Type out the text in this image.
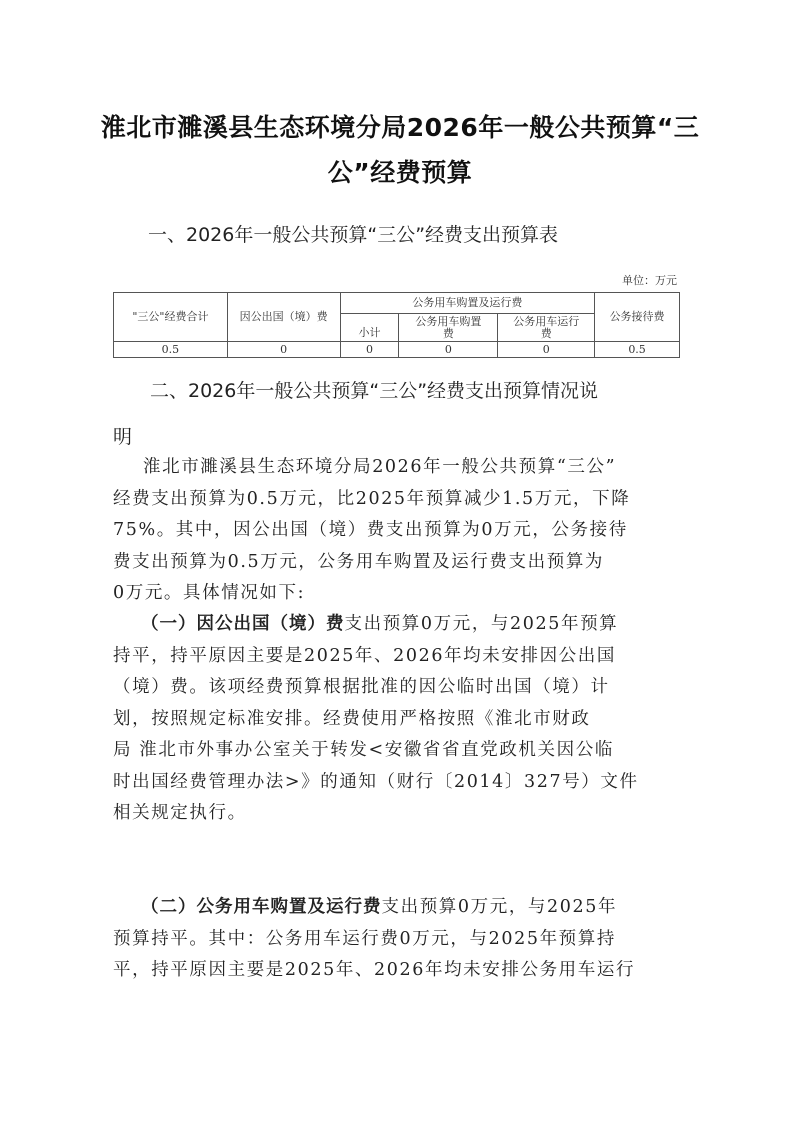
淮北市濉溪县生态环境分局2026年一般公共预算“三
公”经费预算
一、2026年一般公共预算“三公”经费支出预算表
单位：万元
"三公"经费合计	因公出国（境）费	公务用车购置及运行费			公务接待费
		小计	公务用车购置费	公务用车运行费	
0.5	0	0	0	0	0.5
二、2026年一般公共预算“三公”经费支出预算情况说
明
淮北市濉溪县生态环境分局2026年一般公共预算“三公”
经费支出预算为0.5万元，比2025年预算减少1.5万元，下降
75%。其中，因公出国（境）费支出预算为0万元，公务接待
费支出预算为0.5万元，公务用车购置及运行费支出预算为
0万元。具体情况如下:
（一）因公出国（境）费支出预算0万元，与2025年预算
持平，持平原因主要是2025年、2026年均未安排因公出国
（境）费。该项经费预算根据批准的因公临时出国（境）计
划，按照规定标准安排。经费使用严格按照《淮北市财政
局 淮北市外事办公室关于转发<安徽省省直党政机关因公临
时出国经费管理办法>》的通知（财行〔2014〕327号）文件
相关规定执行。
（二）公务用车购置及运行费支出预算0万元，与2025年
预算持平。其中：公务用车运行费0万元，与2025年预算持
平，持平原因主要是2025年、2026年均未安排公务用车运行
